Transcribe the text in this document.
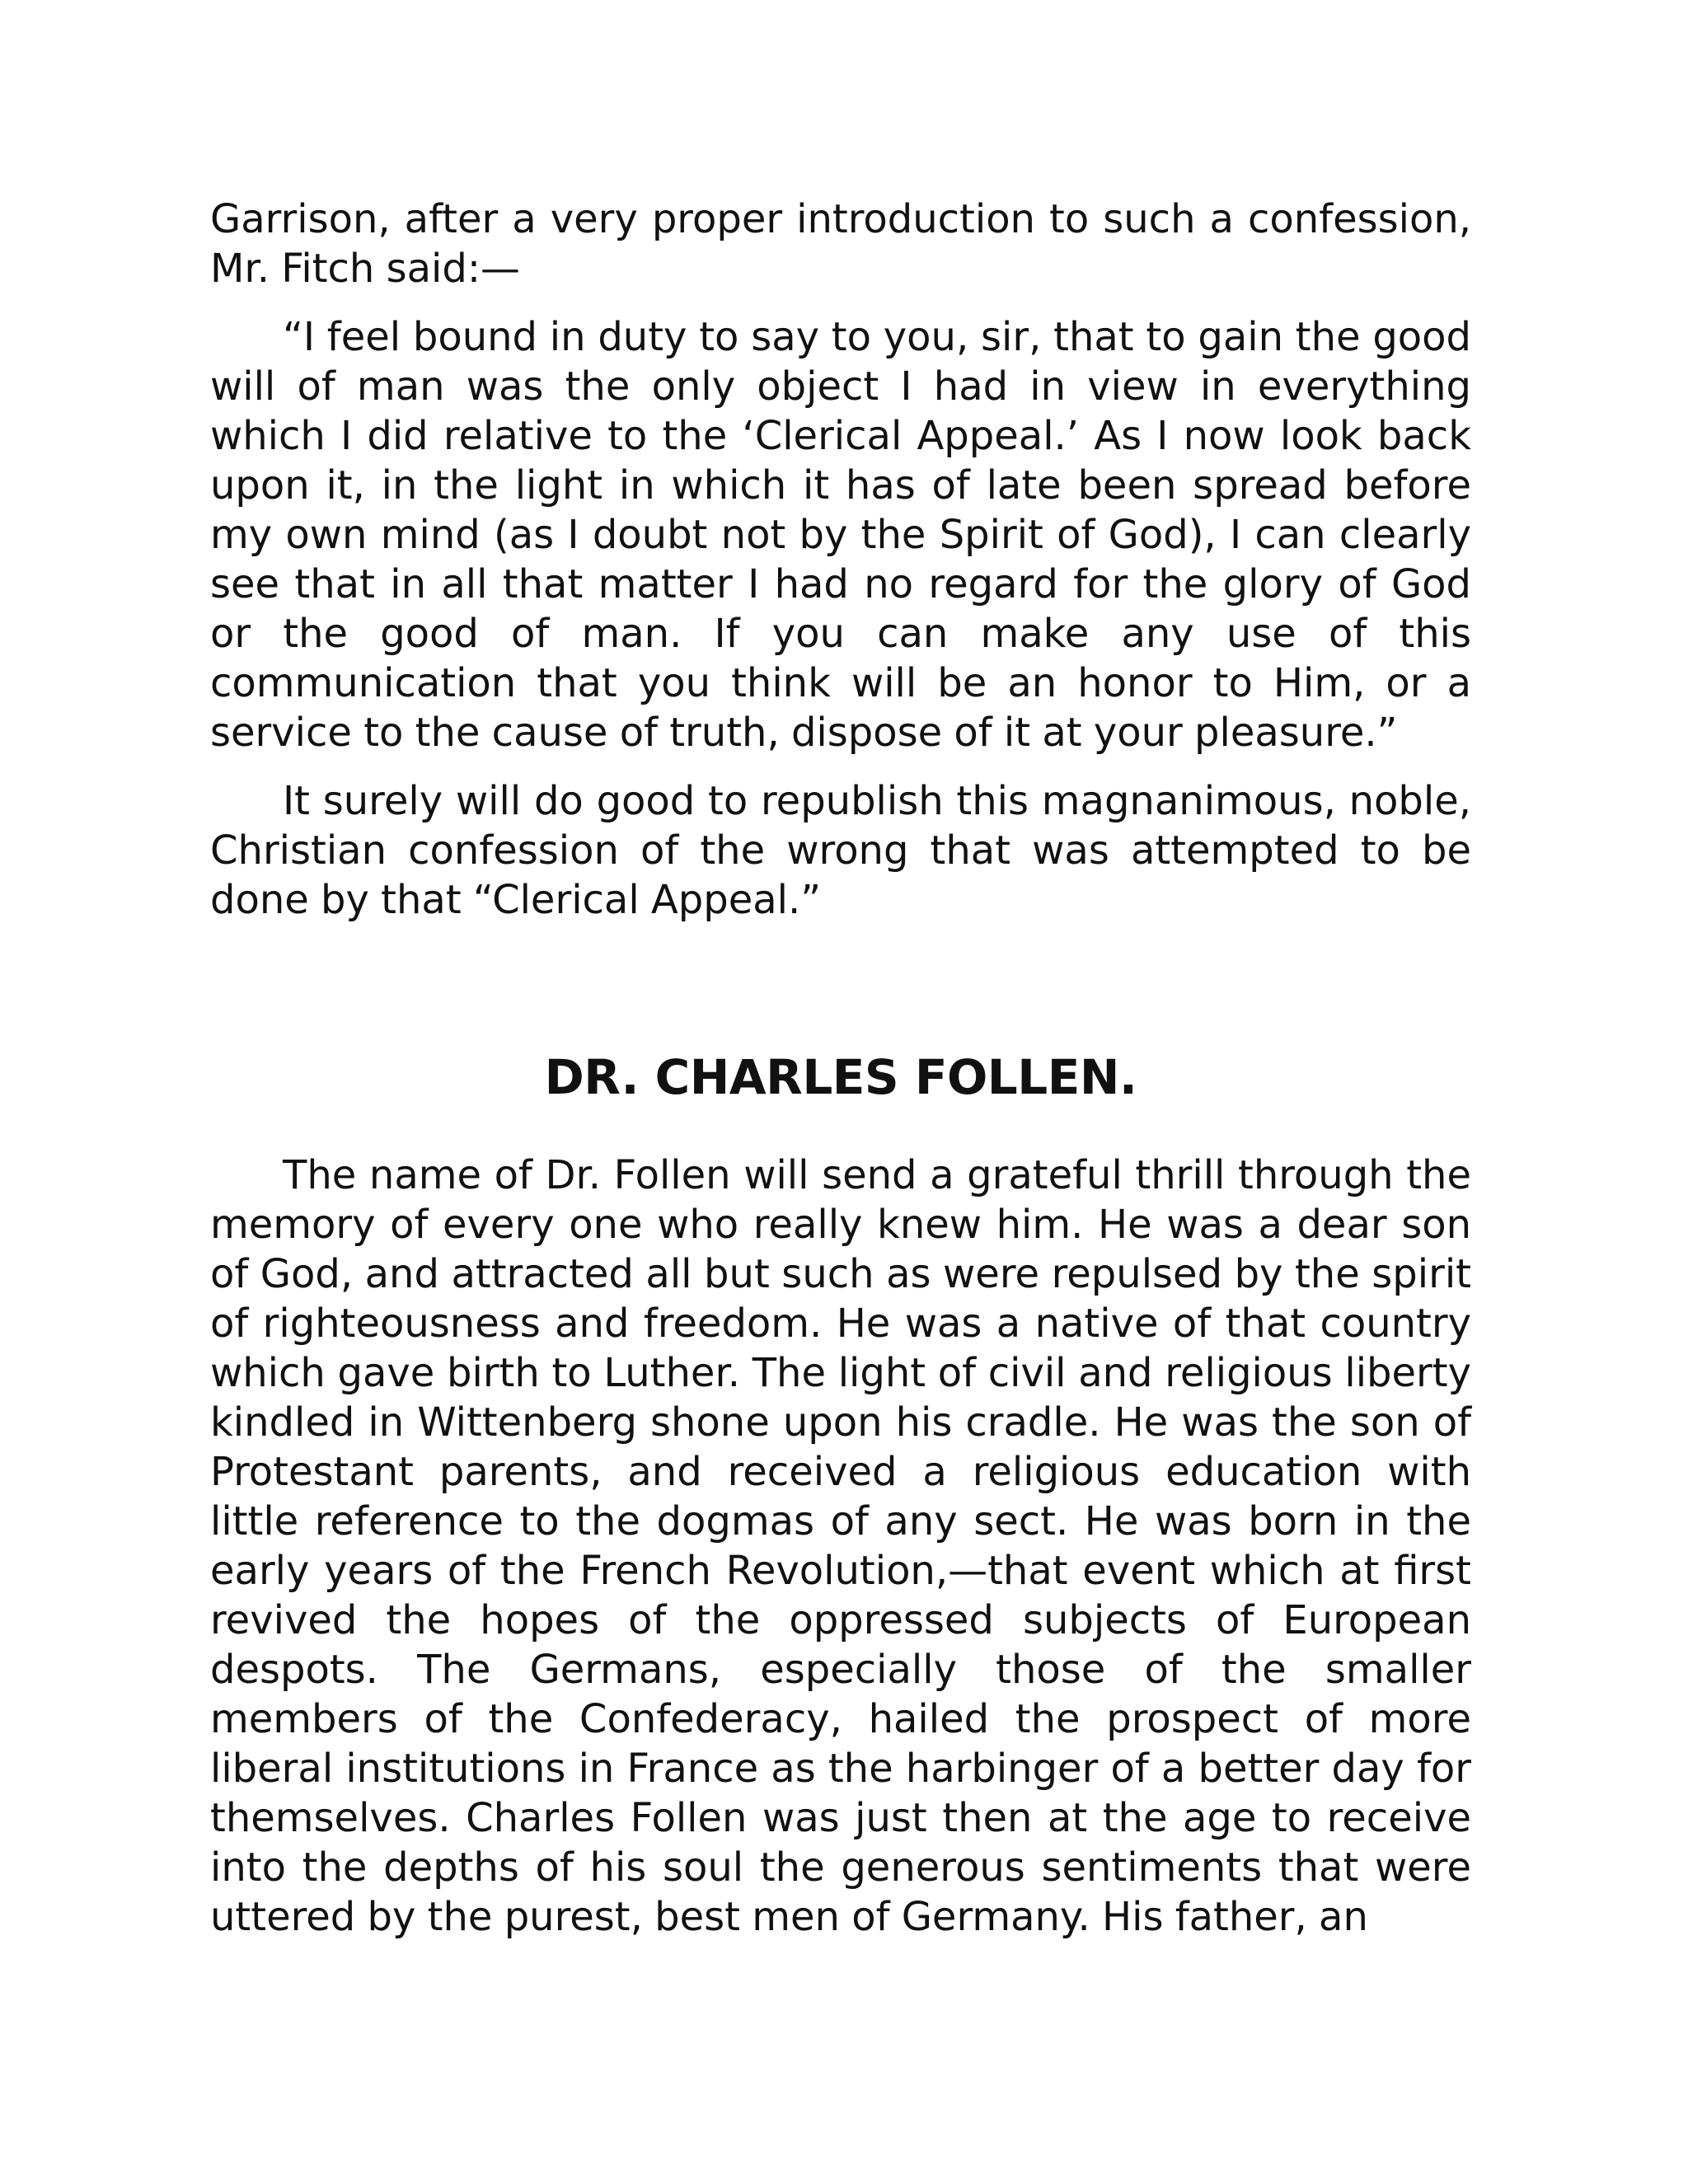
Garrison, after a very proper introduction to such a confession, Mr. Fitch said:—

“I feel bound in duty to say to you, sir, that to gain the good will of man was the only object I had in view in everything which I did relative to the ‘Clerical Appeal.’ As I now look back upon it, in the light in which it has of late been spread before my own mind (as I doubt not by the Spirit of God), I can clearly see that in all that matter I had no regard for the glory of God or the good of man. If you can make any use of this communication that you think will be an honor to Him, or a service to the cause of truth, dispose of it at your pleasure.”

It surely will do good to republish this magnanimous, noble, Christian confession of the wrong that was attempted to be done by that “Clerical Appeal.”

DR. CHARLES FOLLEN.

The name of Dr. Follen will send a grateful thrill through the memory of every one who really knew him. He was a dear son of God, and attracted all but such as were repulsed by the spirit of righteousness and freedom. He was a native of that country which gave birth to Luther. The light of civil and religious liberty kindled in Wittenberg shone upon his cradle. He was the son of Protestant parents, and received a religious education with little reference to the dogmas of any sect. He was born in the early years of the French Revolution,—that event which at first revived the hopes of the oppressed subjects of European despots. The Germans, especially those of the smaller members of the Confederacy, hailed the prospect of more liberal institutions in France as the harbinger of a better day for themselves. Charles Follen was just then at the age to receive into the depths of his soul the generous sentiments that were uttered by the purest, best men of Germany. His father, an
